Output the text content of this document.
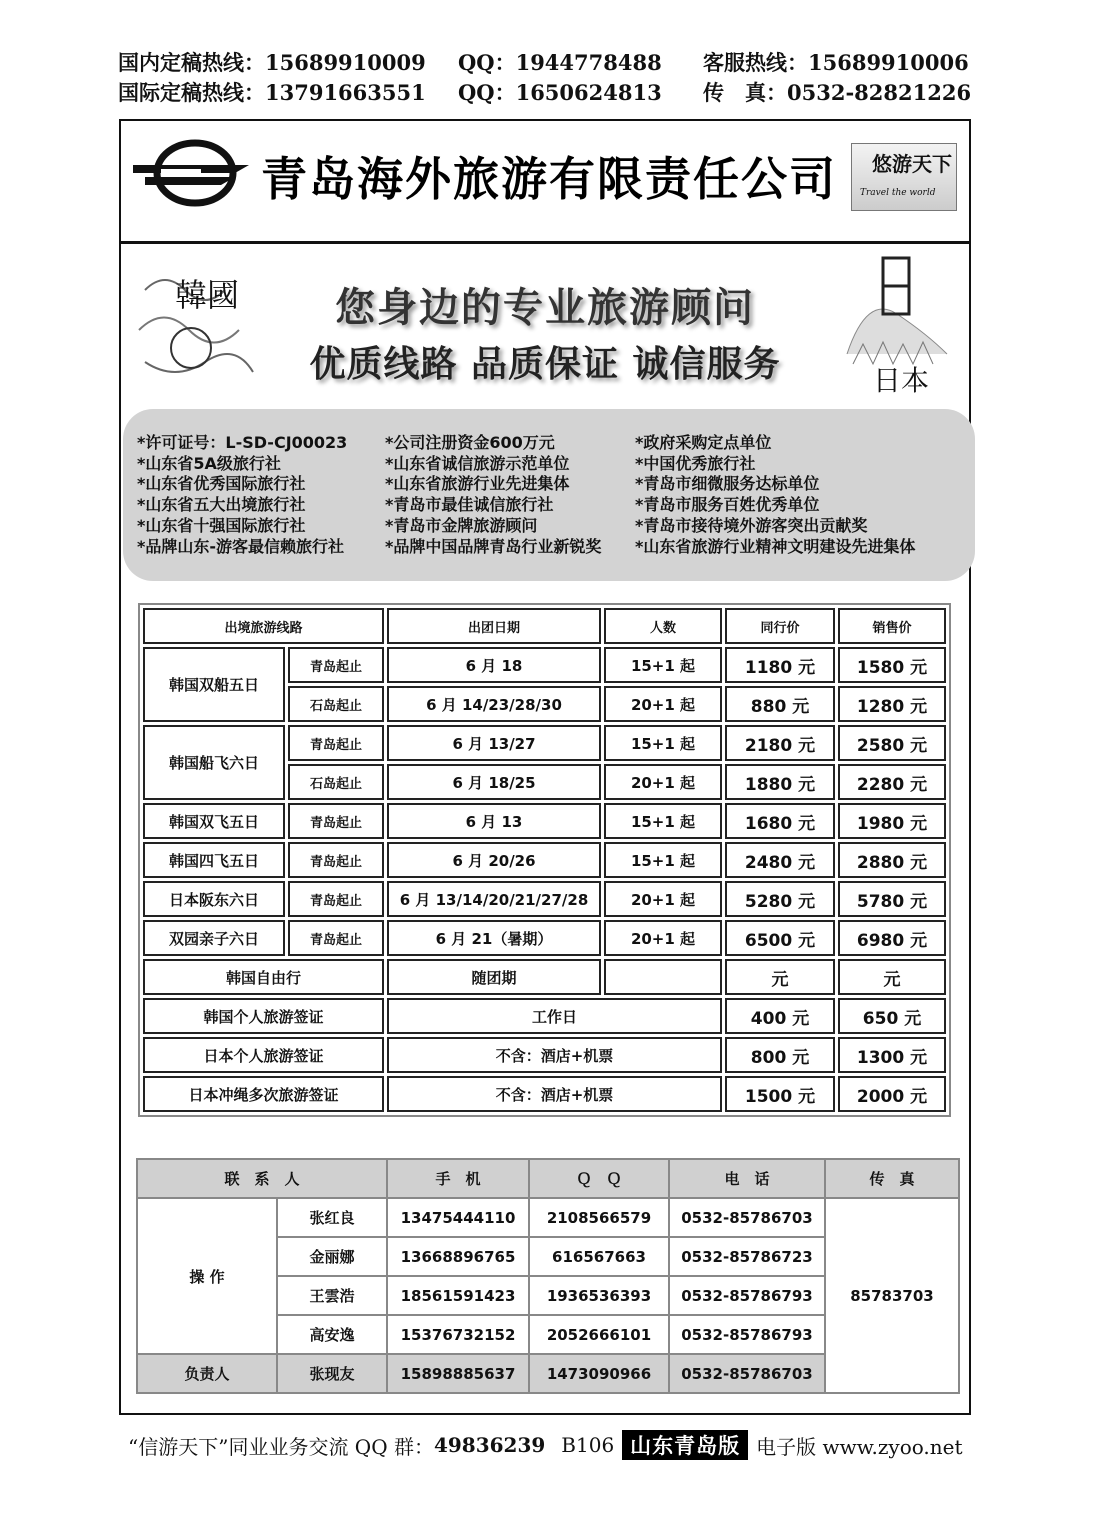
国内定稿热线：15689910009	QQ：1944778488	客服热线：15689910006
国际定稿热线：13791663551	QQ：1650624813	传　真：0532-82821226
青岛海外旅游有限责任公司 悠游天下
Travel the world
韓國	您身边的专业旅游顾问
优质线路 品质保证 诚信服务	日本
*许可证号：L-SD-CJ00023	*公司注册资金600万元	*政府采购定点单位
*山东省5A级旅行社	*山东省诚信旅游示范单位	*中国优秀旅行社
*山东省优秀国际旅行社	*山东省旅游行业先进集体	*青岛市细微服务达标单位
*山东省五大出境旅行社	*青岛市最佳诚信旅行社	*青岛市服务百姓优秀单位
*山东省十强国际旅行社	*青岛市金牌旅游顾问	*青岛市接待境外游客突出贡献奖
*品牌山东-游客最信赖旅行社	*品牌中国品牌青岛行业新锐奖	*山东省旅游行业精神文明建设先进集体
出境旅游线路		出团日期	人数	同行价	销售价
韩国双船五日	青岛起止	6 月 18	15+1 起	1180 元	1580 元
	石岛起止	6 月 14/23/28/30	20+1 起	880 元	1280 元
韩国船飞六日	青岛起止	6 月 13/27	15+1 起	2180 元	2580 元
	石岛起止	6 月 18/25	20+1 起	1880 元	2280 元
韩国双飞五日	青岛起止	6 月 13	15+1 起	1680 元	1980 元
韩国四飞五日	青岛起止	6 月 20/26	15+1 起	2480 元	2880 元
日本阪东六日	青岛起止	6 月 13/14/20/21/27/28	20+1 起	5280 元	5780 元
双园亲子六日	青岛起止	6 月 21（暑期）	20+1 起	6500 元	6980 元
韩国自由行		随团期		元	元
韩国个人旅游签证		工作日		400 元	650 元
日本个人旅游签证		不含：酒店+机票		800 元	1300 元
日本冲绳多次旅游签证		不含：酒店+机票		1500 元	2000 元
联　系　人		手　机	Ｑ　Ｑ	电　话	传　真
操 作	张红良	13475444110	2108566579	0532-85786703	85783703
	金丽娜	13668896765	616567663	0532-85786723	
	王雲浩	18561591423	1936536393	0532-85786793	
	高安逸	15376732152	2052666101	0532-85786793	
负责人	张现友	15898885637	1473090966	0532-85786703	
“信游天下”同业业务交流 QQ 群： 49836239 B106 山东青岛版 电子版 www.zyoo.net
